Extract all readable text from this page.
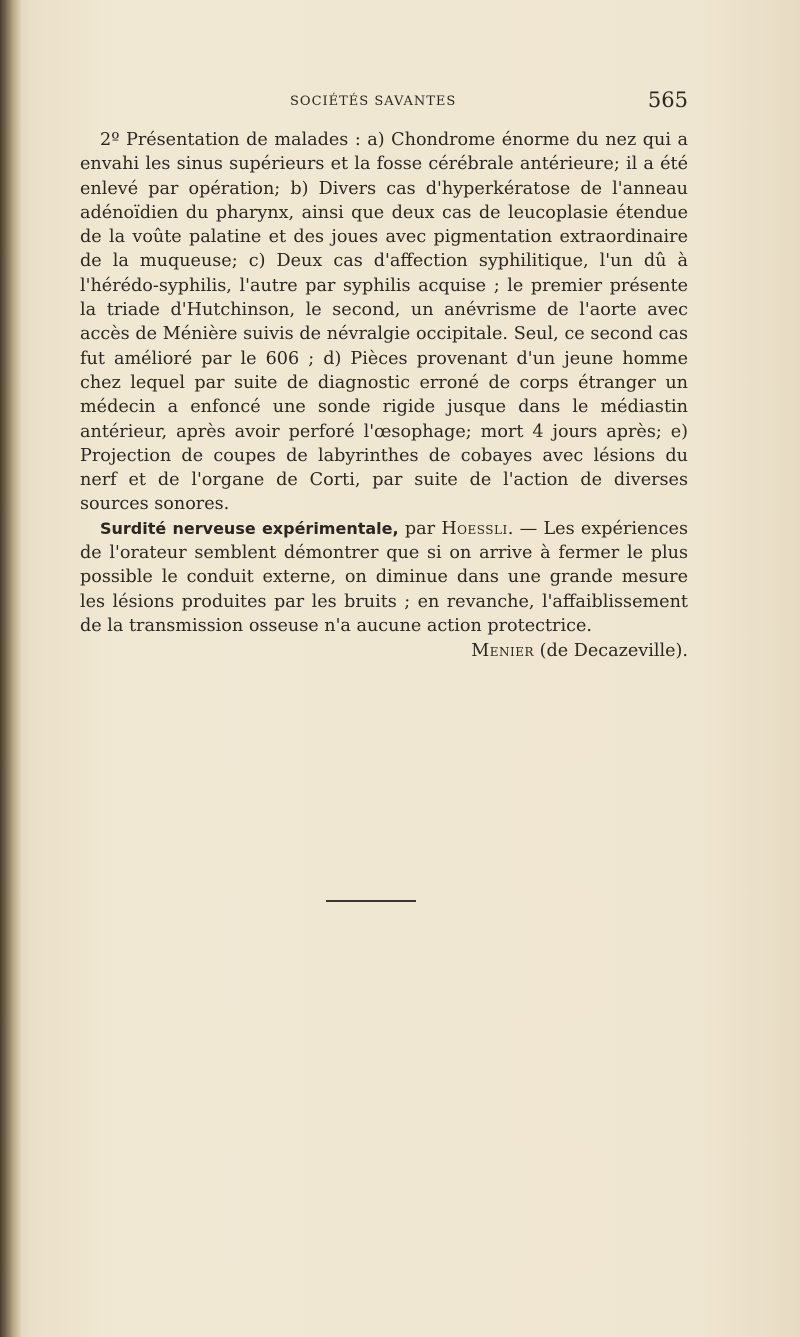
SOCIÉTÉS SAVANTES	565

2º Présentation de malades : a) Chondrome énorme du nez qui a envahi les sinus supérieurs et la fosse cérébrale antérieure; il a été enlevé par opération; b) Divers cas d'hyperkératose de l'anneau adénoïdien du pharynx, ainsi que deux cas de leucoplasie étendue de la voûte palatine et des joues avec pigmentation extraordinaire de la muqueuse; c) Deux cas d'affection syphilitique, l'un dû à l'hérédo-syphilis, l'autre par syphilis acquise ; le premier présente la triade d'Hutchinson, le second, un anévrisme de l'aorte avec accès de Ménière suivis de névralgie occipitale. Seul, ce second cas fut amélioré par le 606 ; d) Pièces provenant d'un jeune homme chez lequel par suite de diagnostic erroné de corps étranger un médecin a enfoncé une sonde rigide jusque dans le médiastin antérieur, après avoir perforé l'œsophage; mort 4 jours après; e) Projection de coupes de labyrinthes de cobayes avec lésions du nerf et de l'organe de Corti, par suite de l'action de diverses sources sonores.

Surdité nerveuse expérimentale, par Hoessli. — Les expériences de l'orateur semblent démontrer que si on arrive à fermer le plus possible le conduit externe, on diminue dans une grande mesure les lésions produites par les bruits ; en revanche, l'affaiblissement de la transmission osseuse n'a aucune action protectrice.

Menier (de Decazeville).
